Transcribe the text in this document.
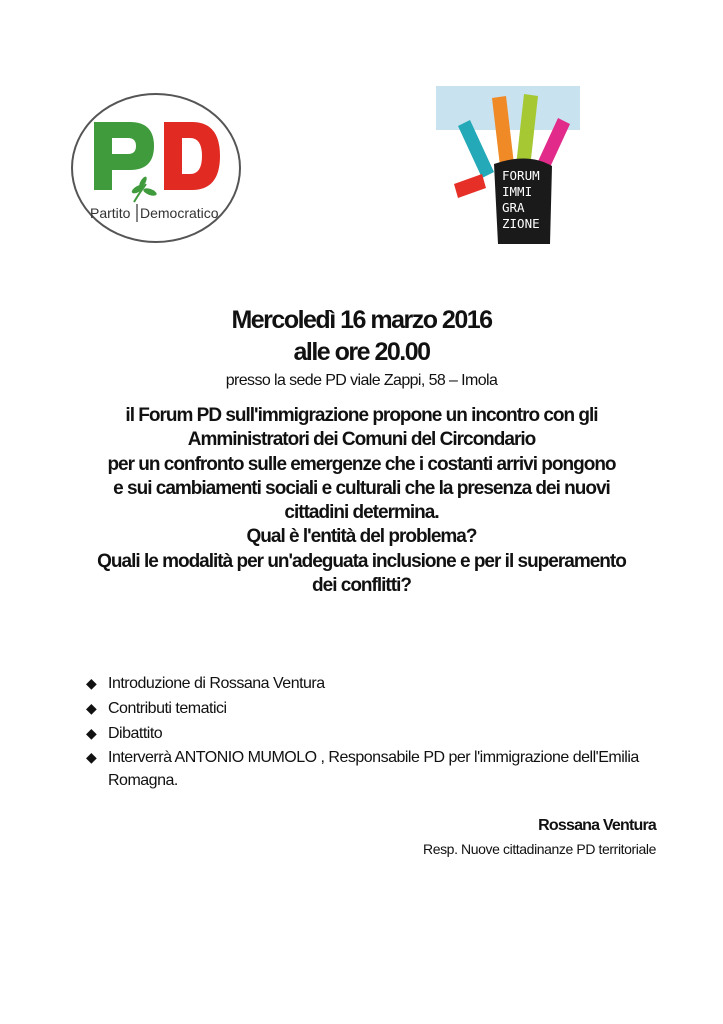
Partito Democratico
FORUM
IMMI
GRA
ZIONE
Mercoledì 16 marzo 2016
alle ore 20.00
presso la sede PD viale Zappi, 58 – Imola
il Forum PD sull'immigrazione propone un incontro con gli
Amministratori dei Comuni del Circondario
per un confronto sulle emergenze che i costanti arrivi pongono
e sui cambiamenti sociali e culturali che la presenza dei nuovi
cittadini determina.
Qual è l'entità del problema?
Quali le modalità per un'adeguata inclusione e per il superamento
dei conflitti?
◆ Introduzione di Rossana Ventura
◆ Contributi tematici
◆ Dibattito
◆ Interverrà ANTONIO MUMOLO , Responsabile PD per l'immigrazione dell'Emilia Romagna.
Rossana Ventura
Resp. Nuove cittadinanze PD territoriale
